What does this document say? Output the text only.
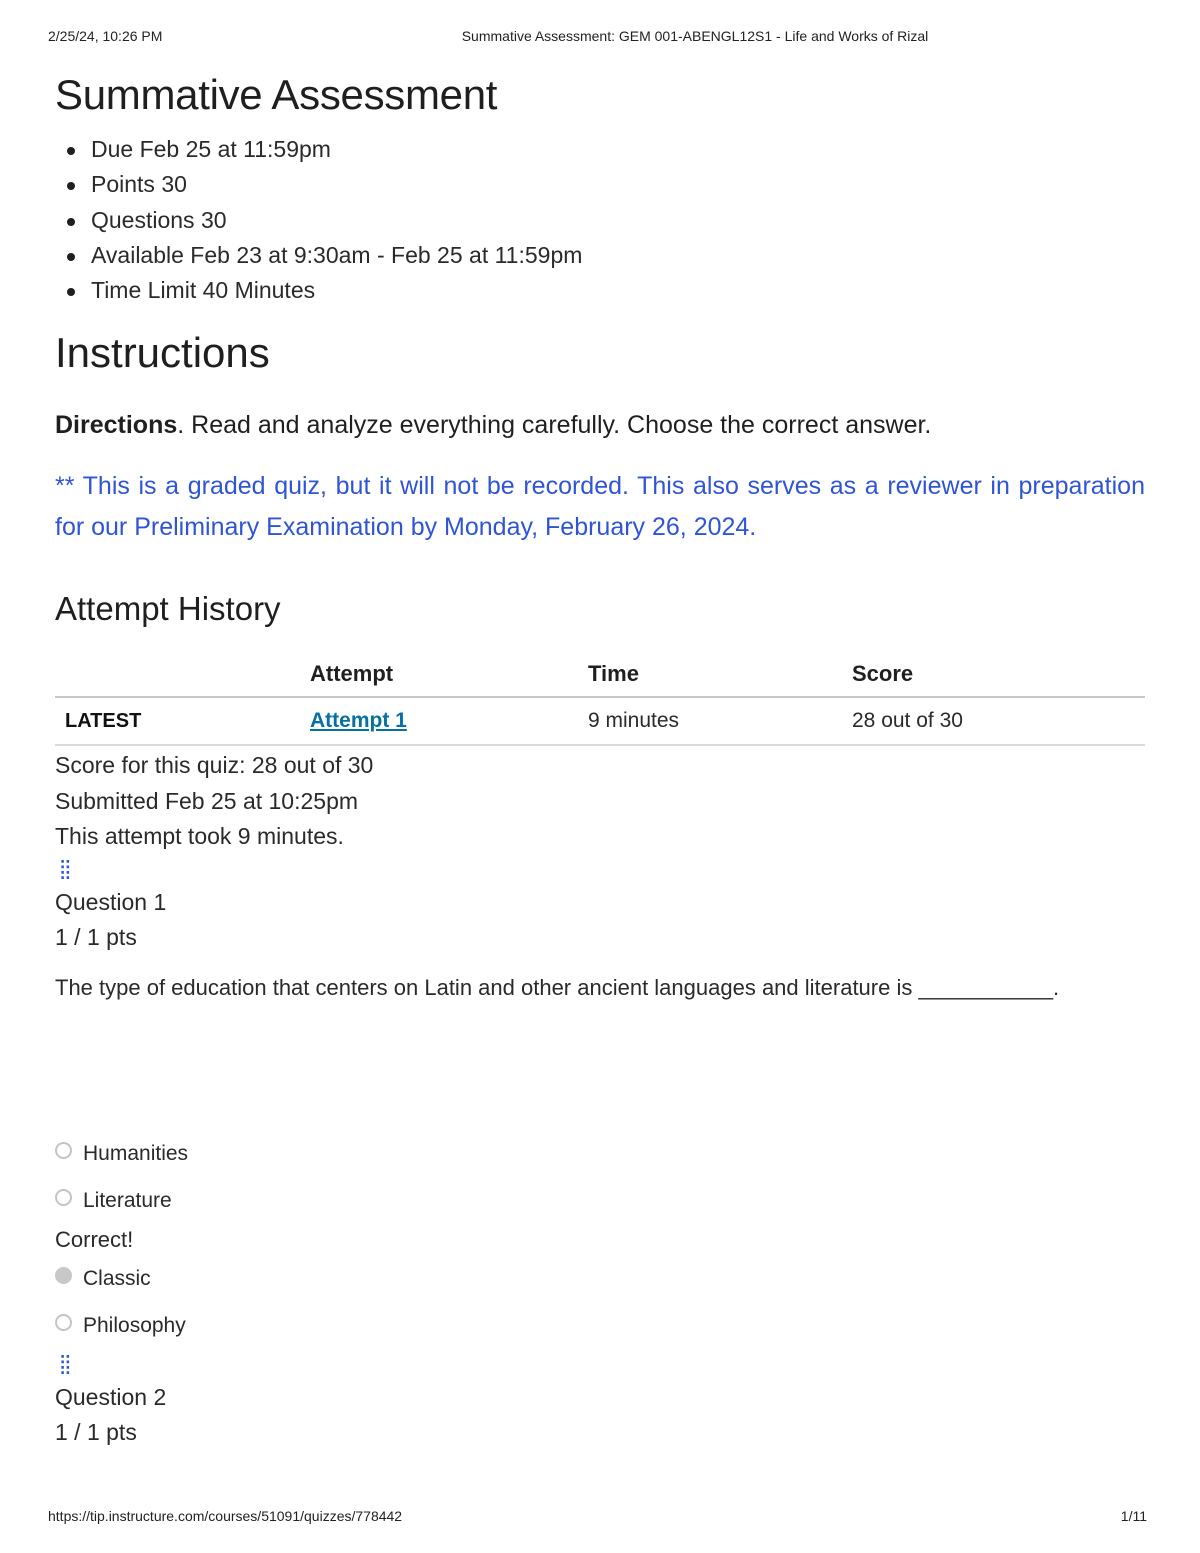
2/25/24, 10:26 PM	Summative Assessment: GEM 001-ABENGL12S1 - Life and Works of Rizal
Summative Assessment
Due Feb 25 at 11:59pm
Points 30
Questions 30
Available Feb 23 at 9:30am - Feb 25 at 11:59pm
Time Limit 40 Minutes
Instructions

Directions. Read and analyze everything carefully. Choose the correct answer.

** This is a graded quiz, but it will not be recorded. This also serves as a reviewer in preparation for our Preliminary Examination by Monday, February 26, 2024.

Attempt History
	Attempt	Time	Score
LATEST	Attempt 1	9 minutes	28 out of 30
Score for this quiz: 28 out of 30
Submitted Feb 25 at 10:25pm
This attempt took 9 minutes.
⁞⁞
Question 1
1 / 1 pts
The type of education that centers on Latin and other ancient languages and literature is ___________.
Humanities
Literature
Correct!
Classic
Philosophy
⁞⁞
Question 2
1 / 1 pts
https://tip.instructure.com/courses/51091/quizzes/778442	1/11
